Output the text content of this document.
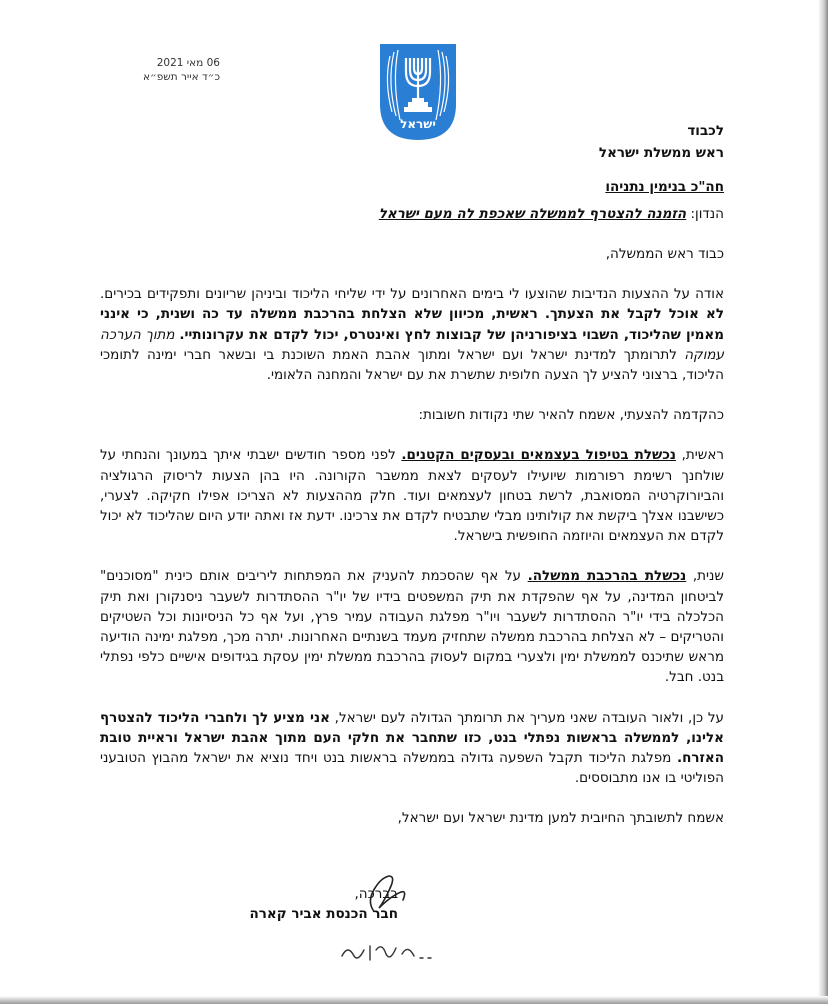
ישראל
06 מאי 2021
כ״ד אייר תשפ״א
לכבוד
ראש ממשלת ישראל
חה"כ בנימין נתניהו
הנדון: הזמנה להצטרף לממשלה שאכפת לה מעם ישראל

כבוד ראש הממשלה,

אודה על ההצעות הנדיבות שהוצעו לי בימים האחרונים על ידי שליחי הליכוד וביניהן שריונים ותפקידים בכירים. לא אוכל לקבל את הצעתך. ראשית, מכיוון שלא הצלחת בהרכבת ממשלה עד כה ושנית, כי אינני מאמין שהליכוד, השבוי בציפורניהן של קבוצות לחץ ואינטרס, יכול לקדם את עקרונותיי. מתוך הערכה עמוקה לתרומתך למדינת ישראל ועם ישראל ומתוך אהבת האמת השוכנת בי ובשאר חברי ימינה לתומכי הליכוד, ברצוני להציע לך הצעה חלופית שתשרת את עם ישראל והמחנה הלאומי.

כהקדמה להצעתי, אשמח להאיר שתי נקודות חשובות:

ראשית, נכשלת בטיפול בעצמאים ובעסקים הקטנים. לפני מספר חודשים ישבתי איתך במעונך והנחתי על שולחנך רשימת רפורמות שיועילו לעסקים לצאת ממשבר הקורונה. היו בהן הצעות לריסוק הרגולציה והביורוקרטיה המסואבת, לרשת בטחון לעצמאים ועוד. חלק מההצעות לא הצריכו אפילו חקיקה. לצערי, כשישבנו אצלך ביקשת את קולותינו מבלי שתבטיח לקדם את צרכינו. ידעת אז ואתה יודע היום שהליכוד לא יכול לקדם את העצמאים והיוזמה החופשית בישראל.

שנית, נכשלת בהרכבת ממשלה. על אף שהסכמת להעניק את המפתחות ליריבים אותם כינית "מסוכנים" לביטחון המדינה, על אף שהפקדת את תיק המשפטים בידיו של יו"ר ההסתדרות לשעבר ניסנקורן ואת תיק הכלכלה בידי יו"ר ההסתדרות לשעבר ויו"ר מפלגת העבודה עמיר פרץ, ועל אף כל הניסיונות וכל השטיקים והטריקים – לא הצלחת בהרכבת ממשלה שתחזיק מעמד בשנתיים האחרונות. יתרה מכך, מפלגת ימינה הודיעה מראש שתיכנס לממשלת ימין ולצערי במקום לעסוק בהרכבת ממשלת ימין עסקת בגידופים אישיים כלפי נפתלי בנט. חבל.

על כן, ולאור העובדה שאני מעריך את תרומתך הגדולה לעם ישראל, אני מציע לך ולחברי הליכוד להצטרף אלינו, לממשלה בראשות נפתלי בנט, כזו שתחבר את חלקי העם מתוך אהבת ישראל וראיית טובת האזרח. מפלגת הליכוד תקבל השפעה גדולה בממשלה בראשות בנט ויחד נוציא את ישראל מהבוץ הטובעני הפוליטי בו אנו מתבוססים.

אשמח לתשובתך החיובית למען מדינת ישראל ועם ישראל,

בברכה,
חבר הכנסת אביר קארה
